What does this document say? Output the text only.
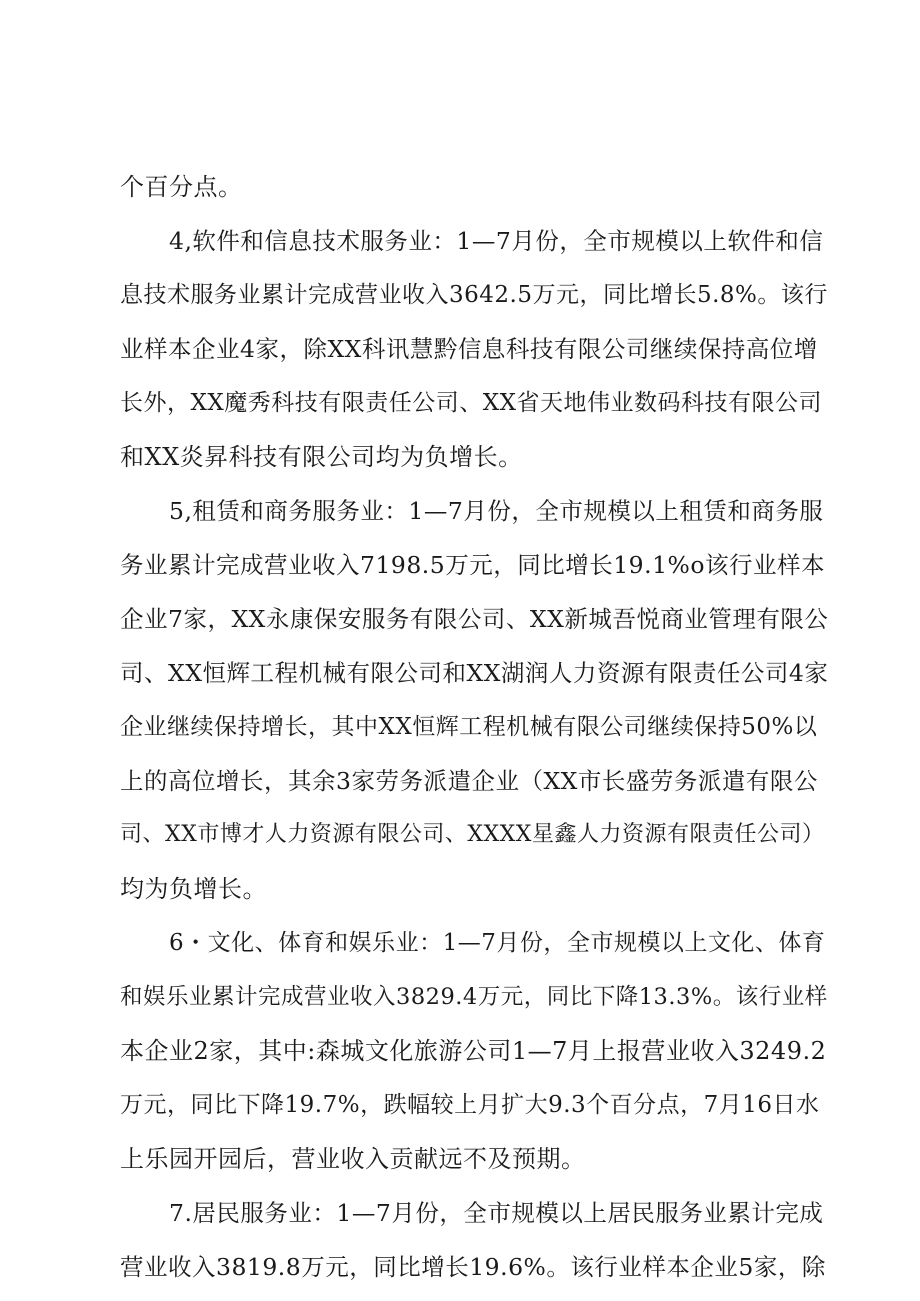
个百分点。
4,软件和信息技术服务业：1—7月份，全市规模以上软件和信
息技术服务业累计完成营业收入3642.5万元，同比增长5.8%。该行
业样本企业4家，除XX科讯慧黔信息科技有限公司继续保持高位增
长外，XX魔秀科技有限责任公司、XX省天地伟业数码科技有限公司
和XX炎昇科技有限公司均为负增长。
5,租赁和商务服务业：1—7月份，全市规模以上租赁和商务服
务业累计完成营业收入7198.5万元，同比增长19.1%o该行业样本
企业7家，XX永康保安服务有限公司、XX新城吾悦商业管理有限公
司、XX恒辉工程机械有限公司和XX湖润人力资源有限责任公司4家
企业继续保持增长，其中XX恒辉工程机械有限公司继续保持50%以
上的高位增长，其余3家劳务派遣企业（XX市长盛劳务派遣有限公
司、XX市博才人力资源有限公司、XXXX星鑫人力资源有限责任公司）
均为负增长。
6・文化、体育和娱乐业：1—7月份，全市规模以上文化、体育
和娱乐业累计完成营业收入3829.4万元，同比下降13.3%。该行业样
本企业2家，其中:森城文化旅游公司1—7月上报营业收入3249.2
万元，同比下降19.7%，跌幅较上月扩大9.3个百分点，7月16日水
上乐园开园后，营业收入贡献远不及预期。
7.居民服务业：1—7月份，全市规模以上居民服务业累计完成
营业收入3819.8万元，同比增长19.6%。该行业样本企业5家，除
